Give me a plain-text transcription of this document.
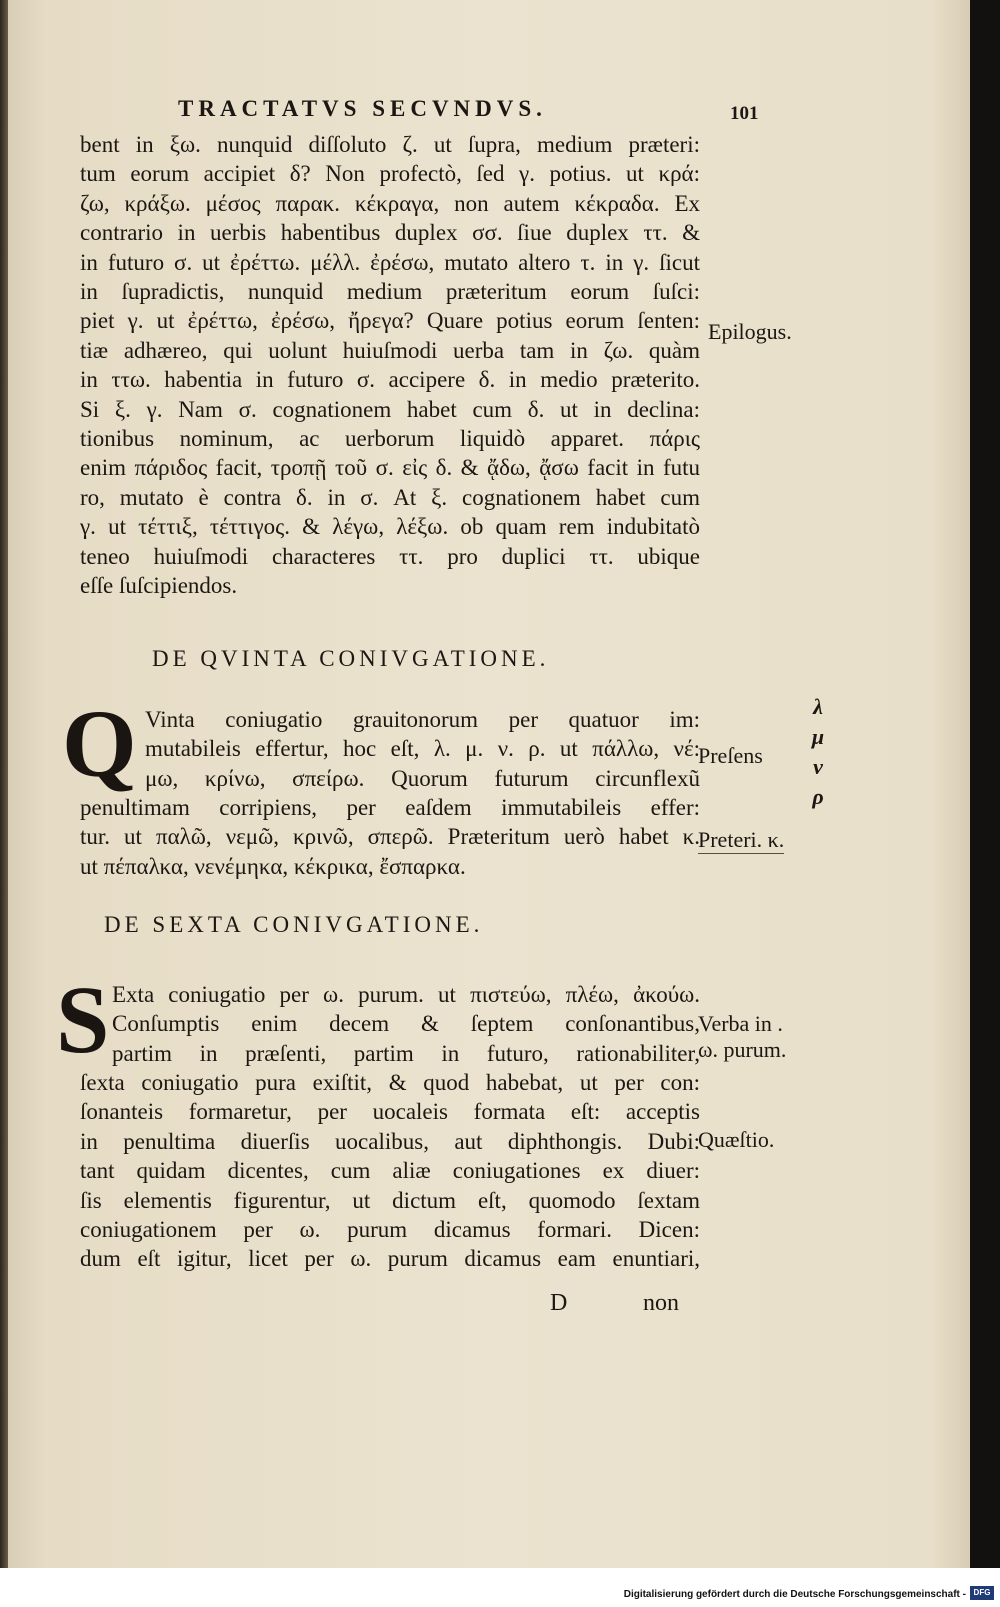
TRACTATVS SECVNDVS.	101
bent in ξω. nunquid diſſoluto ζ. ut ſupra, medium præteri:
tum eorum accipiet δ? Non profectò, ſed γ. potius. ut κρά:
ζω, κράξω. μέσος παρακ. κέκραγα, non autem κέκραδα. Ex
contrario in uerbis habentibus duplex σσ. ſiue duplex ττ. &
in futuro σ. ut ἐρέττω. μέλλ. ἐρέσω, mutato altero τ. in γ. ſicut
in ſupradictis, nunquid medium præteritum eorum ſuſci:
piet γ. ut ἐρέττω, ἐρέσω, ἤρεγα? Quare potius eorum ſenten:
tiæ adhæreo, qui uolunt huiuſmodi uerba tam in ζω. quàm
in ττω. habentia in futuro σ. accipere δ. in medio præterito.
Si ξ. γ. Nam σ. cognationem habet cum δ. ut in declina:
tionibus nominum, ac uerborum liquidò apparet. πάρις
enim πάριδος facit, τροπῇ τοῦ σ. εἰς δ. & ᾄδω, ᾄσω facit in futu
ro, mutato è contra δ. in σ. At ξ. cognationem habet cum
γ. ut τέττιξ, τέττιγος. & λέγω, λέξω. ob quam rem indubitatò
teneo huiuſmodi characteres ττ. pro duplici ττ. ubique
eſſe ſuſcipiendos.
DE QVINTA CONIVGATIONE.
Q Vinta coniugatio grauitonorum per quatuor im:
mutabileis effertur, hoc eſt, λ. μ. ν. ρ. ut πάλλω, νέ:
μω, κρίνω, σπείρω. Quorum futurum circunflexũ
penultimam corripiens, per eaſdem immutabileis effer:
tur. ut παλῶ, νεμῶ, κρινῶ, σπερῶ. Præteritum uerò habet κ.
ut πέπαλκα, νενέμηκα, κέκρικα, ἔσπαρκα.
DE SEXTA CONIVGATIONE.
S Exta coniugatio per ω. purum. ut πιστεύω, πλέω, ἀκούω.
Conſumptis enim decem & ſeptem conſonantibus,
partim in præſenti, partim in futuro, rationabiliter,
ſexta coniugatio pura exiſtit, & quod habebat, ut per con:
ſonanteis formaretur, per uocaleis formata eſt: acceptis
in penultima diuerſis uocalibus, aut diphthongis. Dubi:
tant quidam dicentes, cum aliæ coniugationes ex diuer:
ſis elementis figurentur, ut dictum eſt, quomodo ſextam
coniugationem per ω. purum dicamus formari. Dicen:
dum eſt igitur, licet per ω. purum dicamus eam enuntiari,
D	non
Epilogus.
Preſens
Preteri. κ.
Verba in .
ω. purum.
Quæſtio.
λ
μ
ν
ρ
Digitalisierung gefördert durch die Deutsche Forschungsgemeinschaft - DFG
